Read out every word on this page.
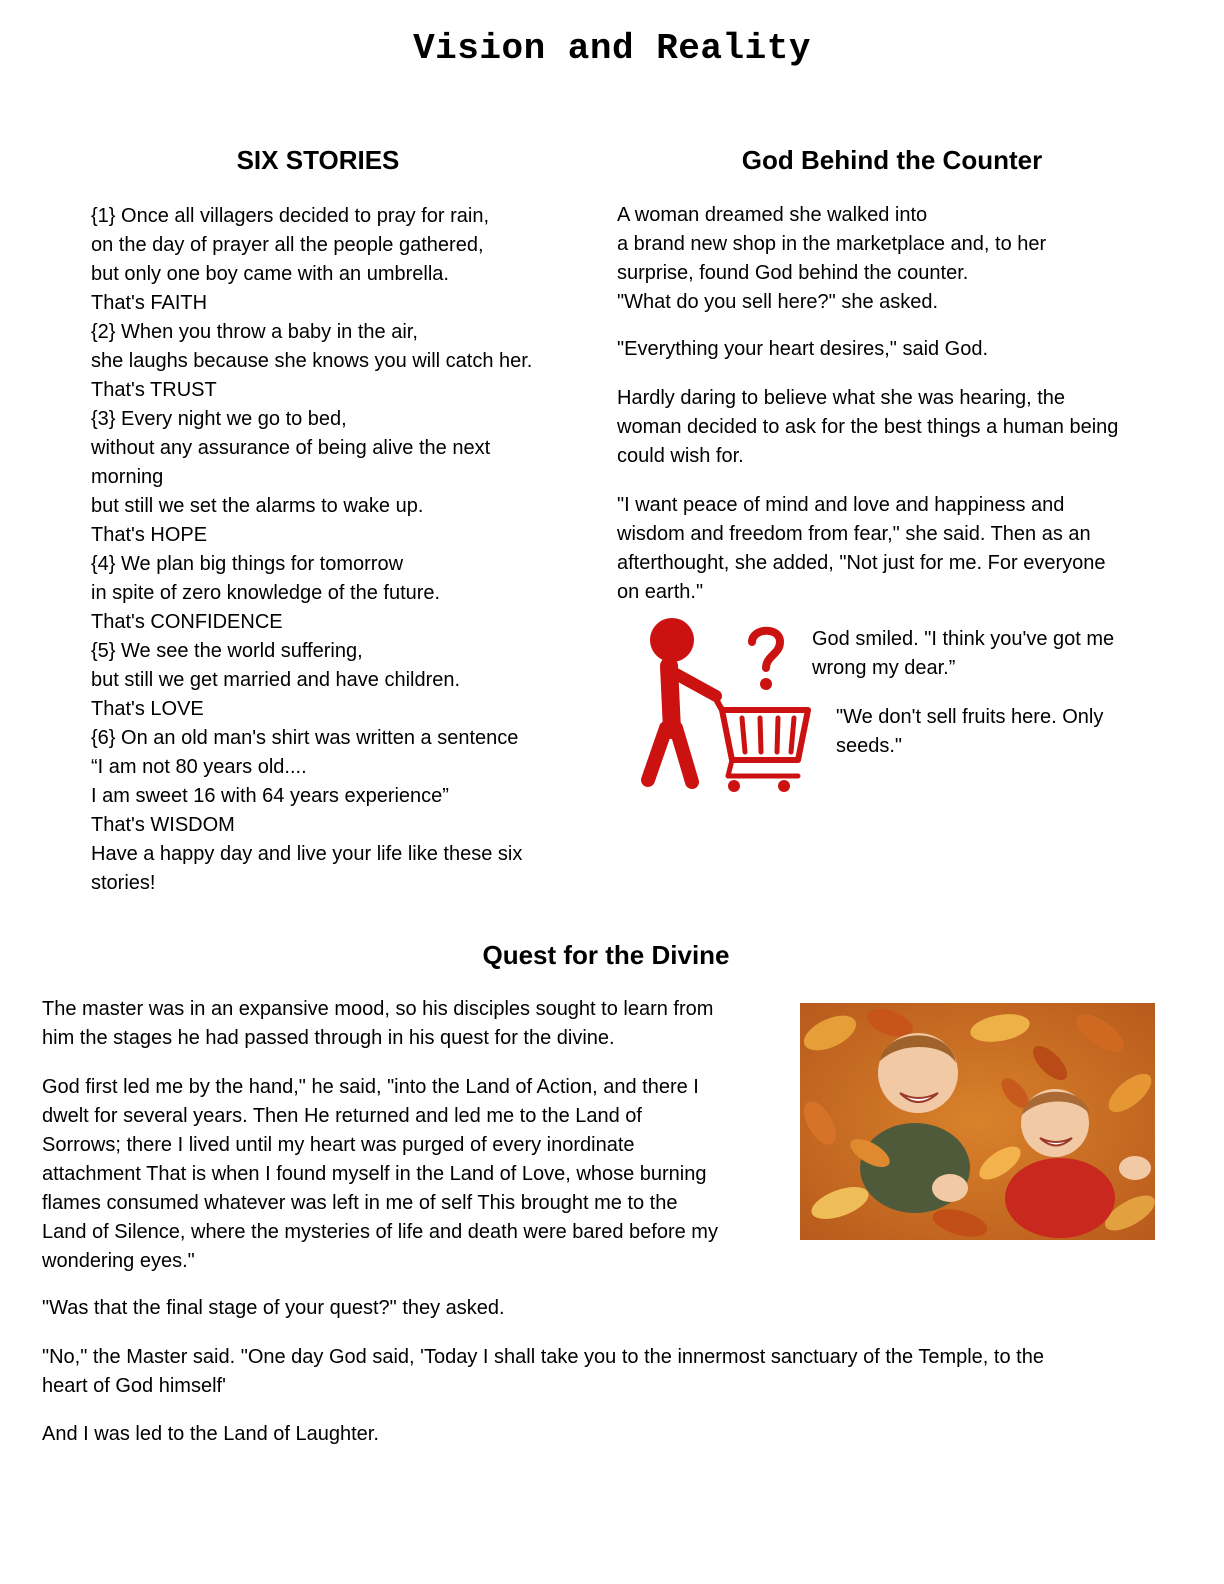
Vision and Reality
SIX STORIES
{1} Once all villagers decided to pray for rain,
on the day of prayer all the people gathered,
but only one boy came with an umbrella.
That's FAITH
{2} When you throw a baby in the air,
she laughs because she knows you will catch her.
That's TRUST
{3} Every night we go to bed,
without any assurance of being alive the next
morning
but still we set the alarms to wake up.
That's HOPE
{4} We plan big things for tomorrow
in spite of zero knowledge of the future.
That's CONFIDENCE
{5} We see the world suffering,
but still we get married and have children.
That's LOVE
{6} On an old man's shirt was written a sentence
“I am not 80 years old....
I am sweet 16 with 64 years experience”
That's WISDOM
Have a happy day and live your life like these six
stories!
God Behind the Counter
A woman dreamed she walked into
a brand new shop in the marketplace and, to her
surprise, found God behind the counter.
"What do you sell here?" she asked.
"Everything your heart desires," said God.
Hardly daring to believe what she was hearing, the
woman decided to ask for the best things a human being
could wish for.
"I want peace of mind and love and happiness and
wisdom and freedom from fear," she said. Then as an
afterthought, she added, "Not just for me. For everyone
on earth."
God smiled. "I think you've got me
wrong my dear.”
"We don't sell fruits here. Only
seeds."
Quest for the Divine
The master was in an expansive mood, so his disciples sought to learn from
him the stages he had passed through in his quest for the divine.
God first led me by the hand," he said, "into the Land of Action, and there I
dwelt for several years. Then He returned and led me to the Land of
Sorrows; there I lived until my heart was purged of every inordinate
attachment That is when I found myself in the Land of Love, whose burning
flames consumed whatever was left in me of self This brought me to the
Land of Silence, where the mysteries of life and death were bared before my
wondering eyes."
"Was that the final stage of your quest?" they asked.
"No," the Master said. "One day God said, 'Today I shall take you to the innermost sanctuary of the Temple, to the
heart of God himself'
And I was led to the Land of Laughter.
